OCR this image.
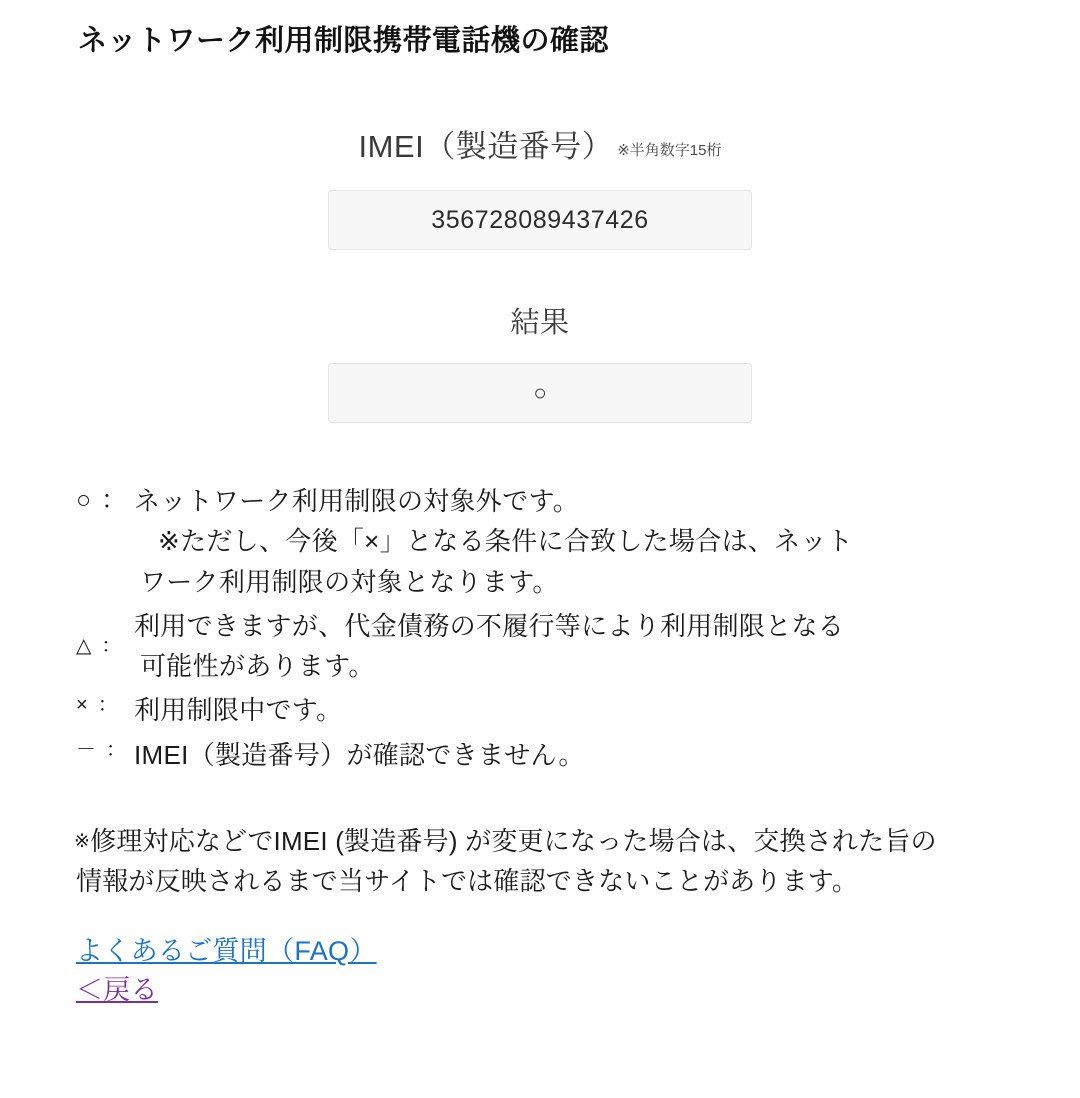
ネットワーク利用制限携帯電話機の確認
IMEI（製造番号） ※半角数字15桁
356728089437426
結果
○
○ ： ネットワーク利用制限の対象外です。
※ただし、今後「×」となる条件に合致した場合は、ネット
ワーク利用制限の対象となります。
△ ：
利用できますが、代金債務の不履行等により利用制限となる
可能性があります。
× ： 利用制限中です。
－ ： IMEI（製造番号）が確認できません。
※修理対応などでIMEI (製造番号) が変更になった場合は、交換された旨の情報が反映されるまで当サイトでは確認できないことがあります。
よくあるご質問（FAQ）
＜戻る
